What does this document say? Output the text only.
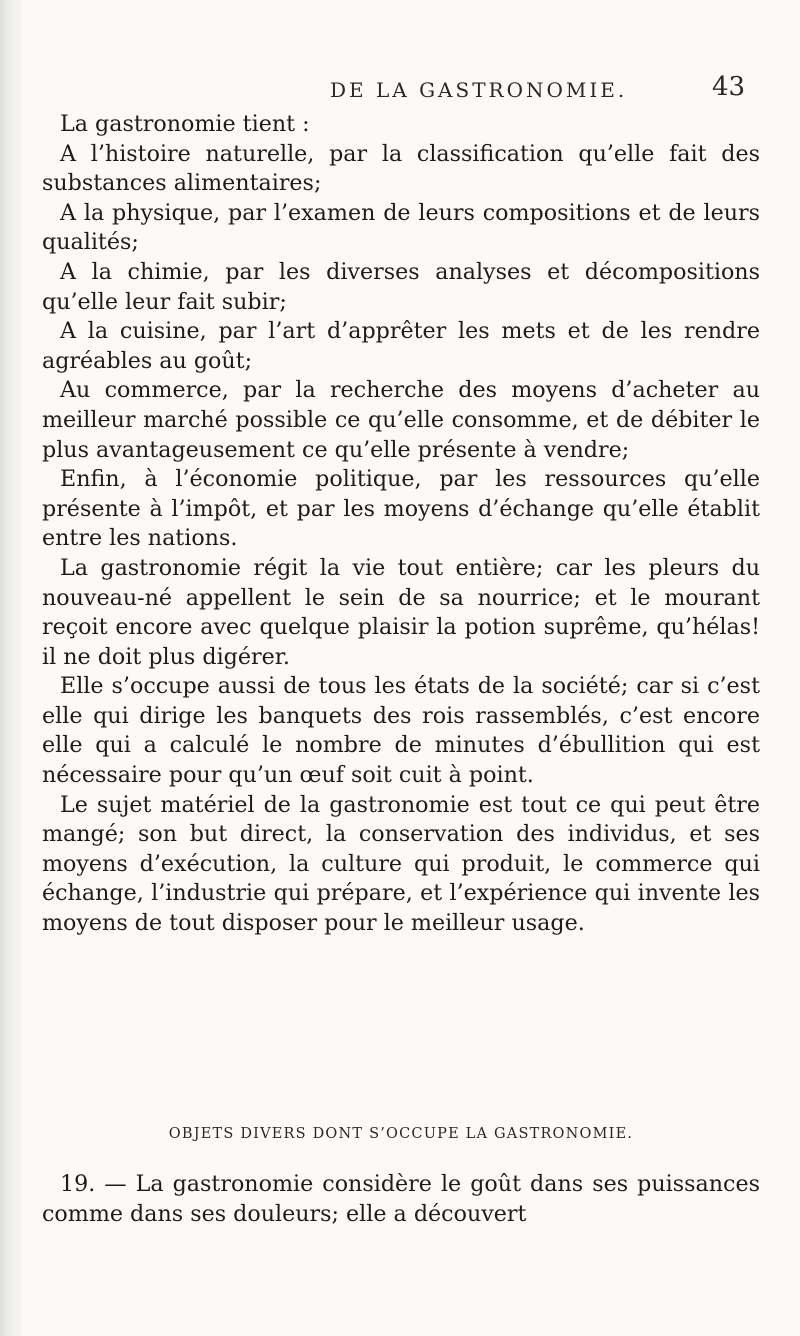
DE LA GASTRONOMIE.	43

La gastronomie tient :

A l’histoire naturelle, par la classification qu’elle fait des substances alimentaires;

A la physique, par l’examen de leurs compositions et de leurs qualités;

A la chimie, par les diverses analyses et décompositions qu’elle leur fait subir;

A la cuisine, par l’art d’apprêter les mets et de les rendre agréables au goût;

Au commerce, par la recherche des moyens d’acheter au meilleur marché possible ce qu’elle consomme, et de débiter le plus avantageusement ce qu’elle présente à vendre;

Enfin, à l’économie politique, par les ressources qu’elle présente à l’impôt, et par les moyens d’échange qu’elle établit entre les nations.

La gastronomie régit la vie tout entière; car les pleurs du nouveau-né appellent le sein de sa nourrice; et le mourant reçoit encore avec quelque plaisir la potion suprême, qu’hélas! il ne doit plus digérer.

Elle s’occupe aussi de tous les états de la société; car si c’est elle qui dirige les banquets des rois rassemblés, c’est encore elle qui a calculé le nombre de minutes d’ébullition qui est nécessaire pour qu’un œuf soit cuit à point.

Le sujet matériel de la gastronomie est tout ce qui peut être mangé; son but direct, la conservation des individus, et ses moyens d’exécution, la culture qui produit, le commerce qui échange, l’industrie qui prépare, et l’expérience qui invente les moyens de tout disposer pour le meilleur usage.

OBJETS DIVERS DONT S’OCCUPE LA GASTRONOMIE.

19. — La gastronomie considère le goût dans ses puissances comme dans ses douleurs; elle a découvert
